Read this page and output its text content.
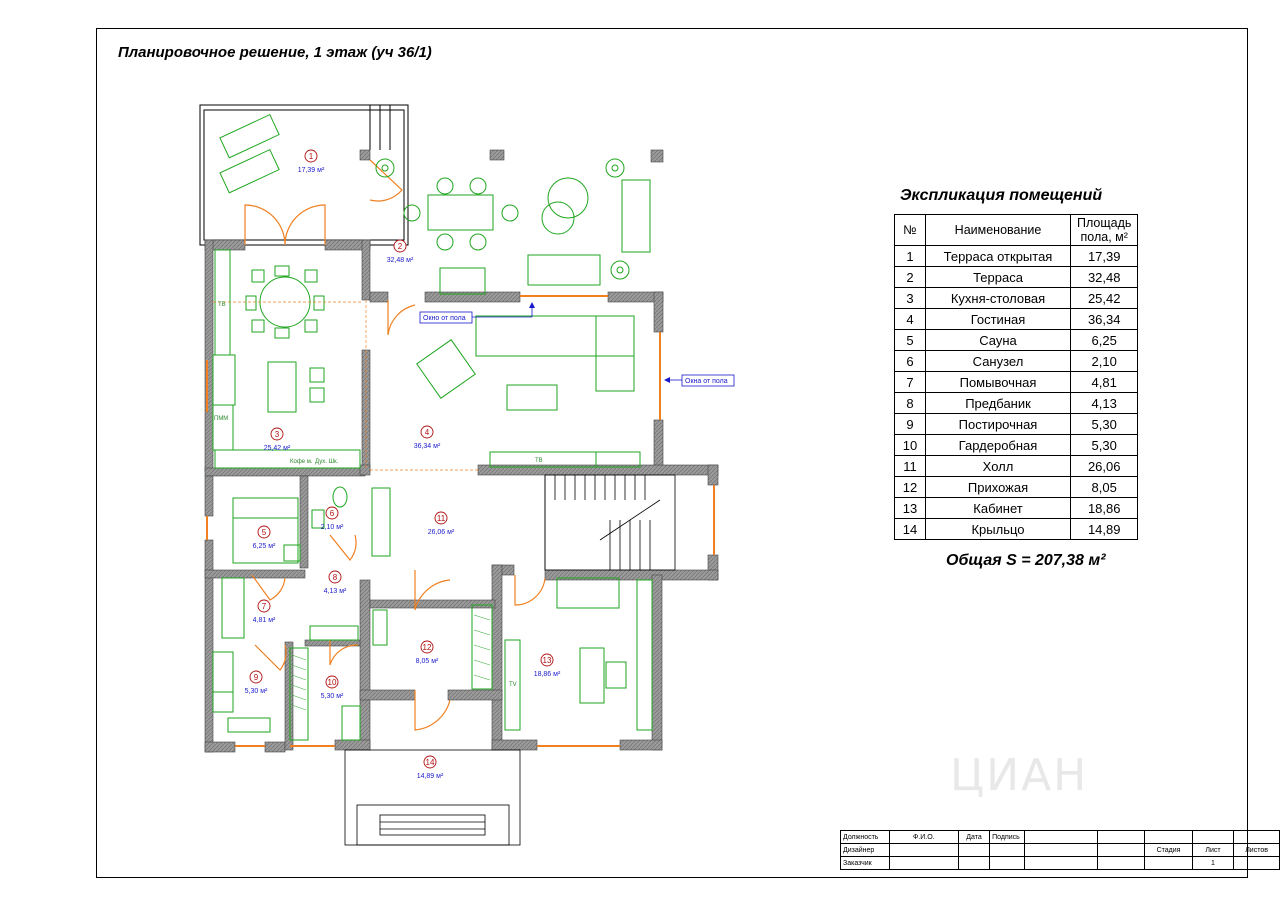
Планировочное решение, 1 этаж (уч 36/1)
ТВ
ТВ
TV
ПММ
Кофе м. Дух. Шк.
1
17,39 м²
2
32,48 м²
3
25,42 м²
4
36,34 м²
5
6,25 м²
6
2,10 м²
7
4,81 м²
8
4,13 м²
9
5,30 м²
10
5,30 м²
11
26,06 м²
12
8,05 м²	13
18,86 м²
14
14,89 м²
Окно от пола
Окна от пола
Экспликация помещений
№	Наименование	Площадь пола, м²
1	Терраса открытая	17,39
2	Терраса	32,48
3	Кухня-столовая	25,42
4	Гостиная	36,34
5	Сауна	6,25
6	Санузел	2,10
7	Помывочная	4,81
8	Предбаник	4,13
9	Постирочная	5,30
10	Гардеробная	5,30
11	Холл	26,06
12	Прихожая	8,05
13	Кабинет	18,86
14	Крыльцо	14,89
Общая S = 207,38 м²
ЦИАН
Должность	Ф.И.О.	Дата	Подпись					
Дизайнер						Стадия	Лист	Листов
Заказчик							1	
